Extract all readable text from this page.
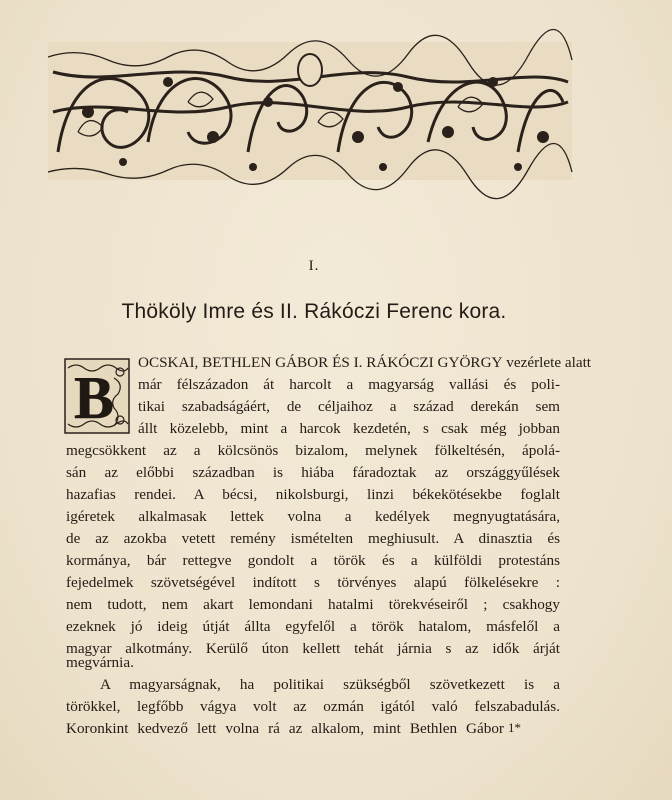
I.
Thököly Imre és II. Rákóczi Ferenc kora.
B
OCSKAI, BETHLEN GÁBOR ÉS I. RÁKÓCZI GYÖRGY vezérlete alatt
már félszázadon át harcolt a magyarság vallási és poli-
tikai szabadságáért, de céljaihoz a század derekán sem
állt közelebb, mint a harcok kezdetén, s csak még jobban
megcsökkent az a kölcsönös bizalom, melynek fölkeltésén, ápolá-
sán az előbbi században is hiába fáradoztak az országgyűlések
hazafias rendei. A bécsi, nikolsburgi, linzi békekötésekbe foglalt
igéretek alkalmasak lettek volna a kedélyek megnyugtatására,
de az azokba vetett remény ismételten meghiusult. A dinasztia és
kormánya, bár rettegve gondolt a török és a külföldi protestáns
fejedelmek szövetségével indított s törvényes alapú fölkelésekre :
nem tudott, nem akart lemondani hatalmi törekvéseiről ; csakhogy
ezeknek jó ideig útját állta egyfelől a török hatalom, másfelől a
magyar alkotmány. Kerülő úton kellett tehát járnia s az idők árját
megvárnia.
A magyarságnak, ha politikai szükségből szövetkezett is a
törökkel, legfőbb vágya volt az ozmán igától való felszabadulás.
Koronkint kedvező lett volna rá az alkalom, mint Bethlen Gábor 1*
